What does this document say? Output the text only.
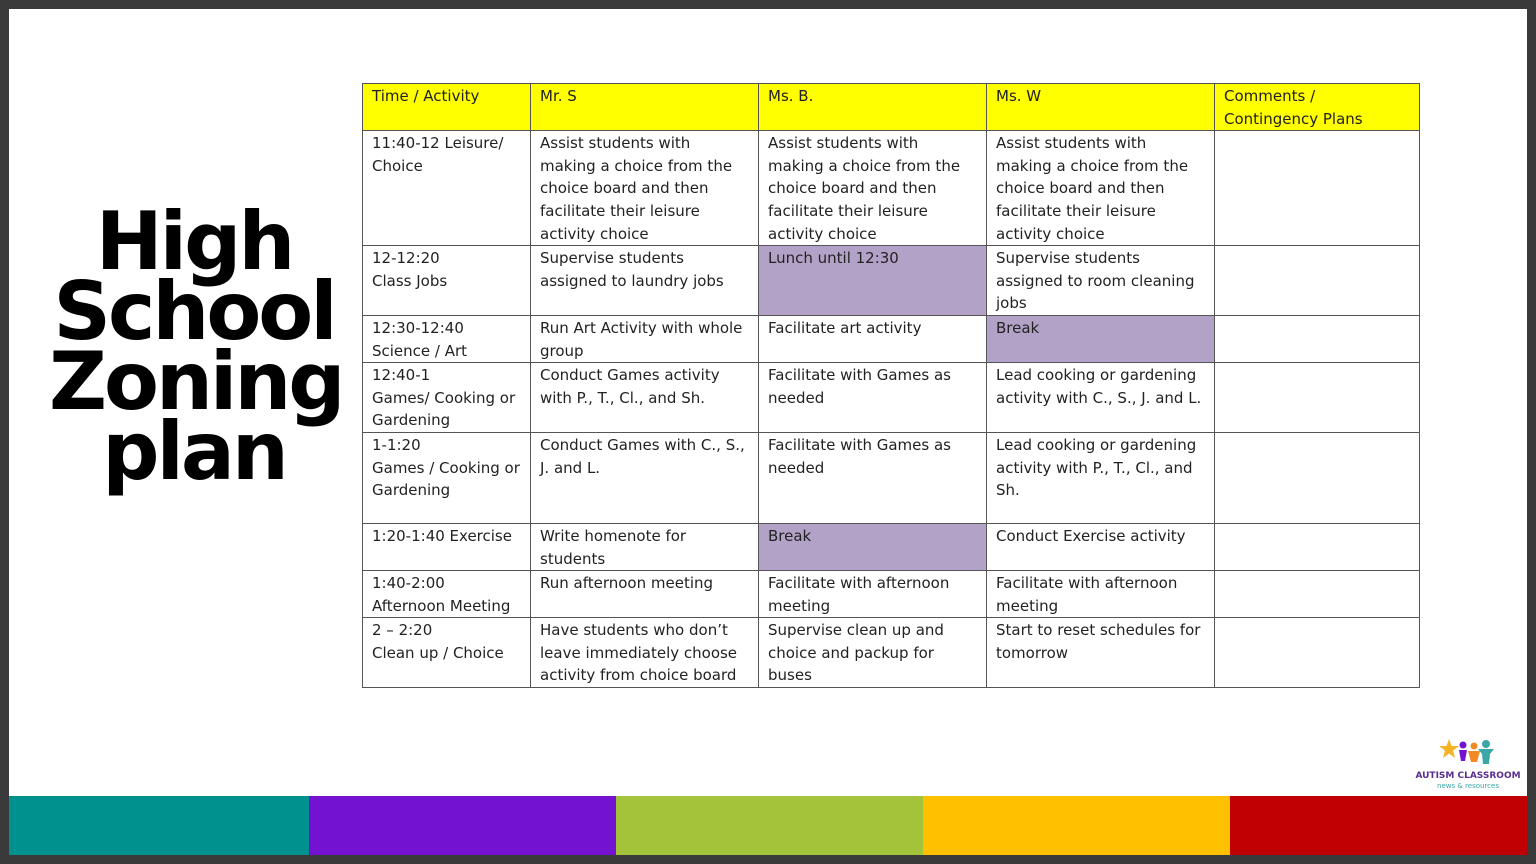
High
School
Zoning
plan
Time / Activity	Mr. S	Ms. B.	Ms. W	Comments / Contingency Plans
11:40-12 Leisure/
Choice	Assist students with making a choice from the choice board and then facilitate their leisure activity choice	Assist students with making a choice from the choice board and then facilitate their leisure activity choice	Assist students with making a choice from the choice board and then facilitate their leisure activity choice	
12-12:20
Class Jobs	Supervise students assigned to laundry jobs	Lunch until 12:30	Supervise students assigned to room cleaning jobs	
12:30-12:40
Science / Art	Run Art Activity with whole group	Facilitate art activity	Break	
12:40-1
Games/ Cooking or Gardening	Conduct Games activity with P., T., Cl., and Sh.	Facilitate with Games as needed	Lead cooking or gardening activity with C., S., J. and L.	
1-1:20
Games / Cooking or Gardening	Conduct Games with C., S., J. and L.	Facilitate with Games as needed	Lead cooking or gardening activity with P., T., Cl., and Sh.	
1:20-1:40 Exercise	Write homenote for students	Break	Conduct Exercise activity	
1:40-2:00
Afternoon Meeting	Run afternoon meeting	Facilitate with afternoon meeting	Facilitate with afternoon meeting	
2 – 2:20
Clean up / Choice	Have students who don’t leave immediately choose activity from choice board	Supervise clean up and choice and packup for buses	Start to reset schedules for tomorrow	
AUTISM CLASSROOM
news & resources
